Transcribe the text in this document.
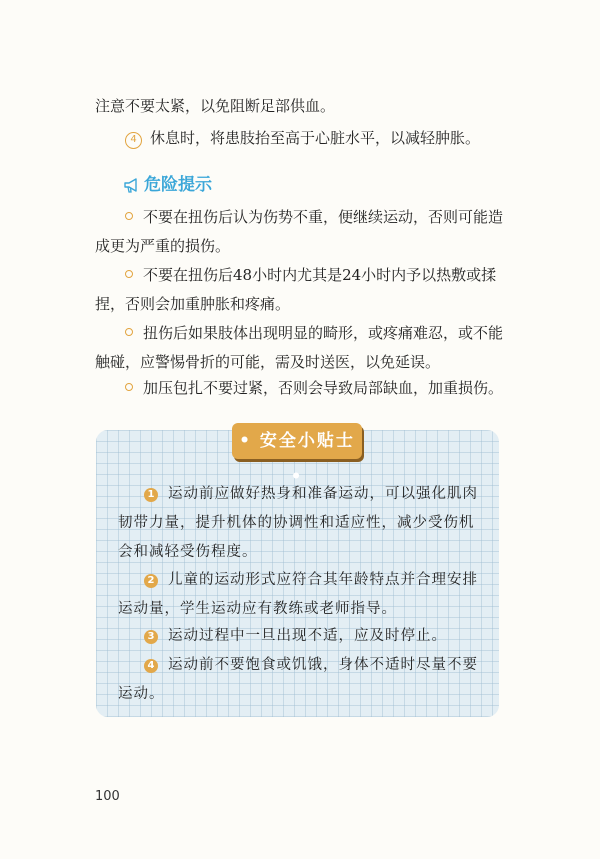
注意不要太紧，以免阻断足部供血。

4 休息时，将患肢抬至高于心脏水平，以减轻肿胀。

危险提示

不要在扭伤后认为伤势不重，便继续运动，否则可能造成更为严重的损伤。

不要在扭伤后48小时内尤其是24小时内予以热敷或揉捏，否则会加重肿胀和疼痛。

扭伤后如果肢体出现明显的畸形，或疼痛难忍，或不能触碰，应警惕骨折的可能，需及时送医，以免延误。

加压包扎不要过紧，否则会导致局部缺血，加重损伤。

• 安全小贴士 •

1 运动前应做好热身和准备运动，可以强化肌肉韧带力量，提升机体的协调性和适应性，减少受伤机会和减轻受伤程度。

2 儿童的运动形式应符合其年龄特点并合理安排运动量，学生运动应有教练或老师指导。

3 运动过程中一旦出现不适，应及时停止。

4 运动前不要饱食或饥饿，身体不适时尽量不要运动。

100
